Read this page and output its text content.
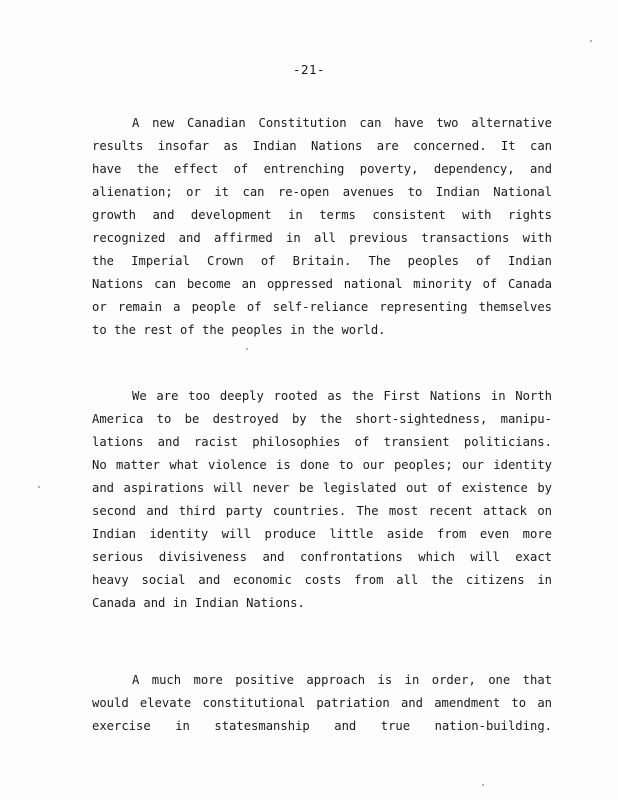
-21-
A new Canadian Constitution can have two alternative
results insofar as Indian Nations are concerned. It can
have the effect of entrenching poverty, dependency, and
alienation; or it can re-open avenues to Indian National
growth and development in terms consistent with rights
recognized and affirmed in all previous transactions with
the Imperial Crown of Britain. The peoples of Indian
Nations can become an oppressed national minority of Canada
or remain a people of self-reliance representing themselves
to the rest of the peoples in the world.
We are too deeply rooted as the First Nations in North
America to be destroyed by the short-sightedness, manipu-
lations and racist philosophies of transient politicians.
No matter what violence is done to our peoples; our identity
and aspirations will never be legislated out of existence by
second and third party countries. The most recent attack on
Indian identity will produce little aside from even more
serious divisiveness and confrontations which will exact
heavy social and economic costs from all the citizens in
Canada and in Indian Nations.
A much more positive approach is in order, one that
would elevate constitutional patriation and amendment to an
exercise in statesmanship and true nation-building.
